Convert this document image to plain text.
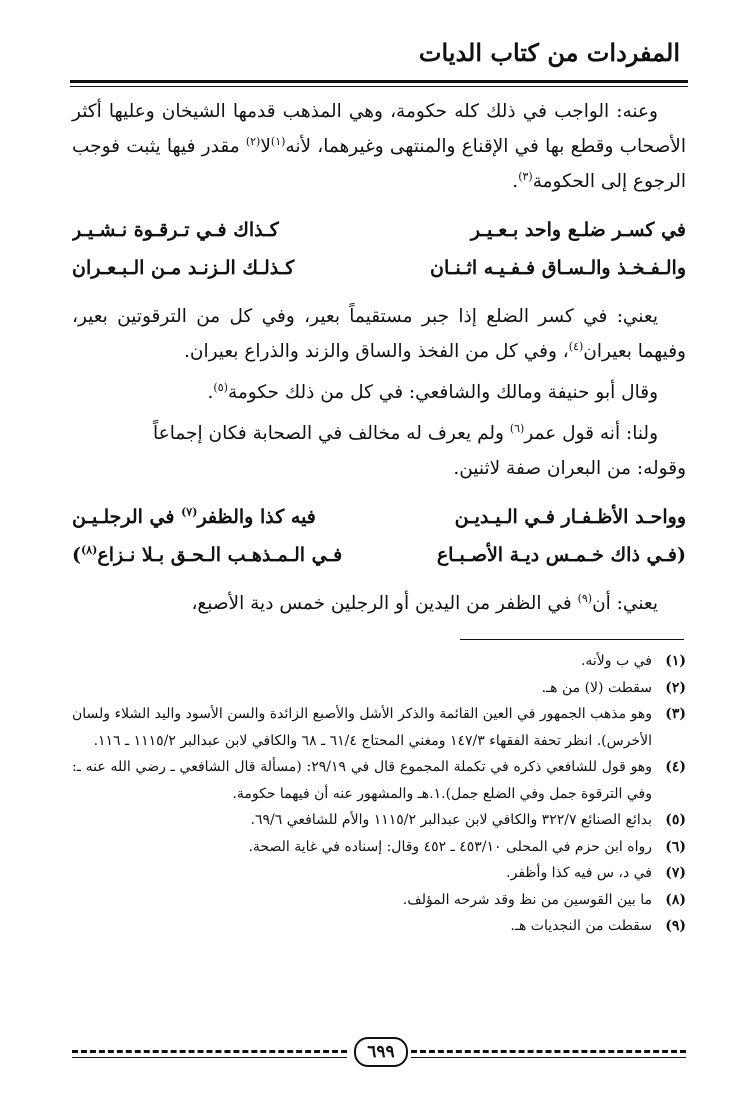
المفردات من كتاب الديات

وعنه: الواجب في ذلك كله حكومة، وهي المذهب قدمها الشيخان وعليها أكثر الأصحاب وقطع بها في الإقناع والمنتهى وغيرهما، لأنه$^{(١)}$لا$^{(٢)}$ مقدر فيها يثبت فوجب الرجوع إلى الحكومة$^{(٣)}$.

في كسـر ضلـع واحد بـعـيـر
كـذاك فـي تـرقـوة نـشـيـر
والـفـخـذ والـسـاق فـفـيـه اثـنـان
كـذلـك الـزنـد مـن الـبـعـران

يعني: في كسر الضلع إذا جبر مستقيماً بعير، وفي كل من الترقوتين بعير، وفيهما بعيران$^{(٤)}$، وفي كل من الفخذ والساق والزند والذراع بعيران.

وقال أبو حنيفة ومالك والشافعي: في كل من ذلك حكومة$^{(٥)}$.

ولنا: أنه قول عمر$^{(٦)}$ ولم يعرف له مخالف في الصحابة فكان إجماعاً

وقوله: من البعران صفة لاثنين.

وواحـد الأظـفـار فـي الـيـديـن
فيه كذا والظفر$^{(٧)}$ في الرجلـيـن
(فـي ذاك خـمـس ديـة الأصـبـاع
فـي الـمـذهـب الـحـق بـلا نـزاع$^{(٨)}$)

يعني: أن$^{(٩)}$ في الظفر من اليدين أو الرجلين خمس دية الأصبع،

(١)
في ب ولأنه.
(٢)
سقطت (لا) من هـ.
(٣)
وهو مذهب الجمهور في العين القائمة والذكر الأشل والأصبع الزائدة والسن الأسود واليد الشلاء ولسان الأخرس). انظر تحفة الفقهاء ١٤٧/٣ ومغني المحتاج ٦١/٤ ـ ٦٨ والكافي لابن عبدالبر ١١١٥/٢ ـ ١١٦.
(٤)
وهو قول للشافعي ذكره في تكملة المجموع قال في ٢٩/١٩: (مسألة قال الشافعي ـ رضي الله عنه ـ: وفي الترقوة جمل وفي الضلع جمل).١.هـ والمشهور عنه أن فيهما حكومة.
(٥)
بدائع الصنائع ٣٢٢/٧ والكافي لابن عبدالبر ١١١٥/٢ والأم للشافعي ٦٩/٦.
(٦)
رواه ابن حزم في المحلى ٤٥٣/١٠ ـ ٤٥٢ وقال: إسناده في غاية الصحة.
(٧)
في د، س فيه كذا وأظفر.
(٨)
ما بين القوسين من نظ وقد شرحه المؤلف.
(٩)
سقطت من النجديات هـ.
٦٩٩
